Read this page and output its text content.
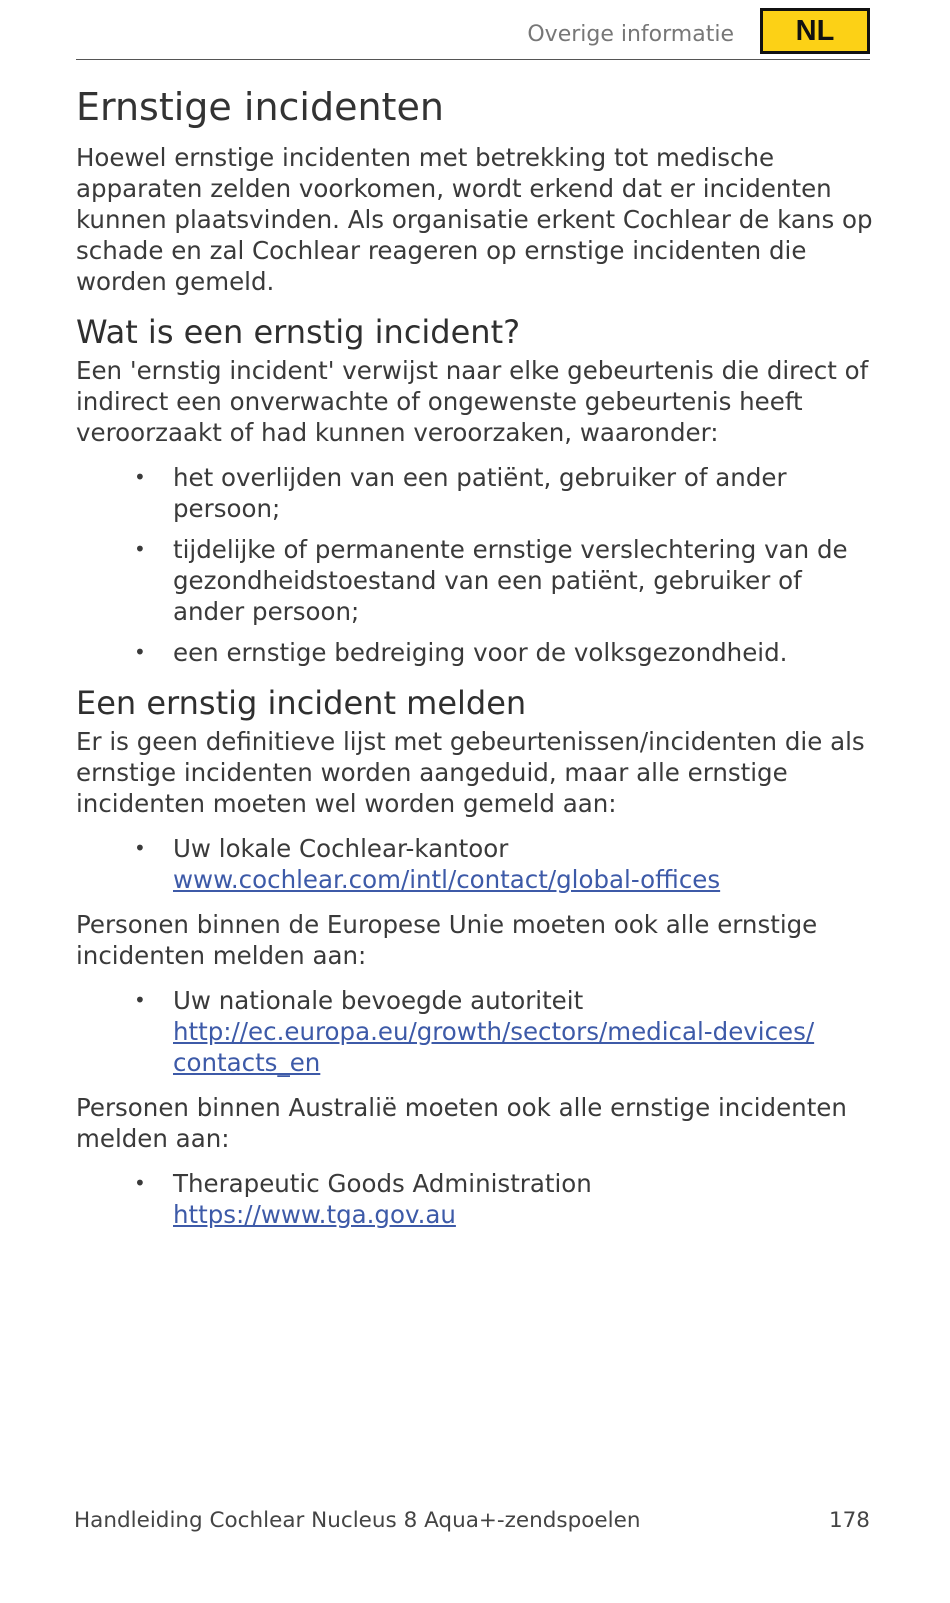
Overige informatie	NL
Ernstige incidenten

Hoewel ernstige incidenten met betrekking tot medische apparaten zelden voorkomen, wordt erkend dat er incidenten kunnen plaatsvinden. Als organisatie erkent Cochlear de kans op schade en zal Cochlear reageren op ernstige incidenten die worden gemeld.

Wat is een ernstig incident?

Een 'ernstig incident' verwijst naar elke gebeurtenis die direct of indirect een onverwachte of ongewenste gebeurtenis heeft veroorzaakt of had kunnen veroorzaken, waaronder:

• het overlijden van een patiënt, gebruiker of ander persoon;
• tijdelijke of permanente ernstige verslechtering van de gezondheidstoestand van een patiënt, gebruiker of ander persoon;
• een ernstige bedreiging voor de volksgezondheid.
Een ernstig incident melden

Er is geen definitieve lijst met gebeurtenissen/incidenten die als ernstige incidenten worden aangeduid, maar alle ernstige incidenten moeten wel worden gemeld aan:

• Uw lokale Cochlear-kantoor
www.cochlear.com/intl/contact/global-offices

Personen binnen de Europese Unie moeten ook alle ernstige incidenten melden aan:

• Uw nationale bevoegde autoriteit
http://ec.europa.eu/growth/sectors/medical-devices/
contacts_en

Personen binnen Australië moeten ook alle ernstige incidenten melden aan:

• Therapeutic Goods Administration
https://www.tga.gov.au
Handleiding Cochlear Nucleus 8 Aqua+-zendspoelen	178
